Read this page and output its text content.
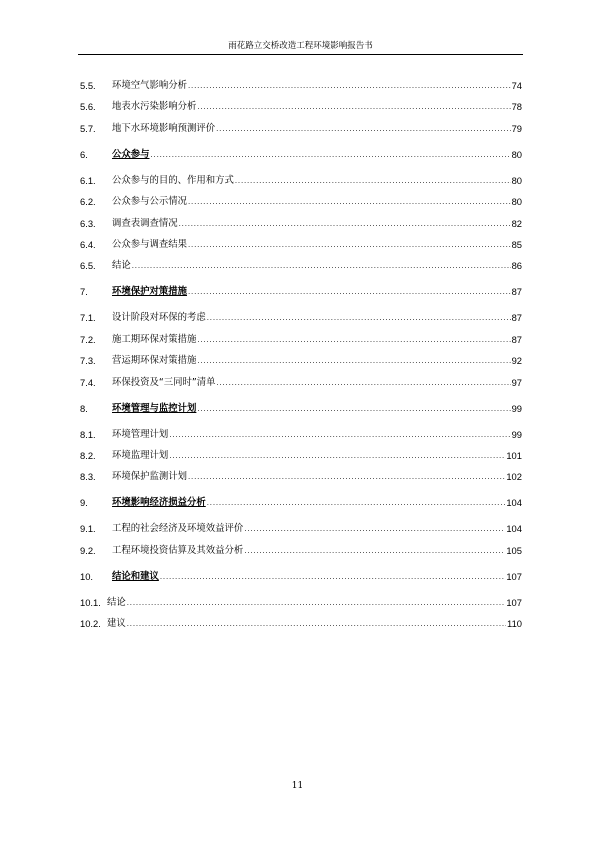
雨花路立交桥改造工程环境影响报告书
5.5.	环境空气影响分析 .....	74
5.6.	地表水污染影响分析 .....	78
5.7.	地下水环境影响预测评价 .....	79
6.	公众参与 .....	80
6.1.	公众参与的目的、作用和方式 .....	80
6.2.	公众参与公示情况 .....	80
6.3.	调查表调查情况 .....	82
6.4.	公众参与调查结果 .....	85
6.5.	结论 .....	86
7.	环境保护对策措施 .....	87
7.1.	设计阶段对环保的考虑 .....	87
7.2.	施工期环保对策措施 .....	87
7.3.	营运期环保对策措施 .....	92
7.4.	环保投资及“三同时”清单 .....	97
8.	环境管理与监控计划 .....	99
8.1.	环境管理计划 .....	99
8.2.	环境监理计划 .....	101
8.3.	环境保护监测计划 .....	102
9.	环境影响经济损益分析 .....	104
9.1.	工程的社会经济及环境效益评价 .....	104
9.2.	工程环境投资估算及其效益分析 .....	105
10.	结论和建议 .....	107
10.1. 结论 .....	107
10.2. 建议 .....	110
11
